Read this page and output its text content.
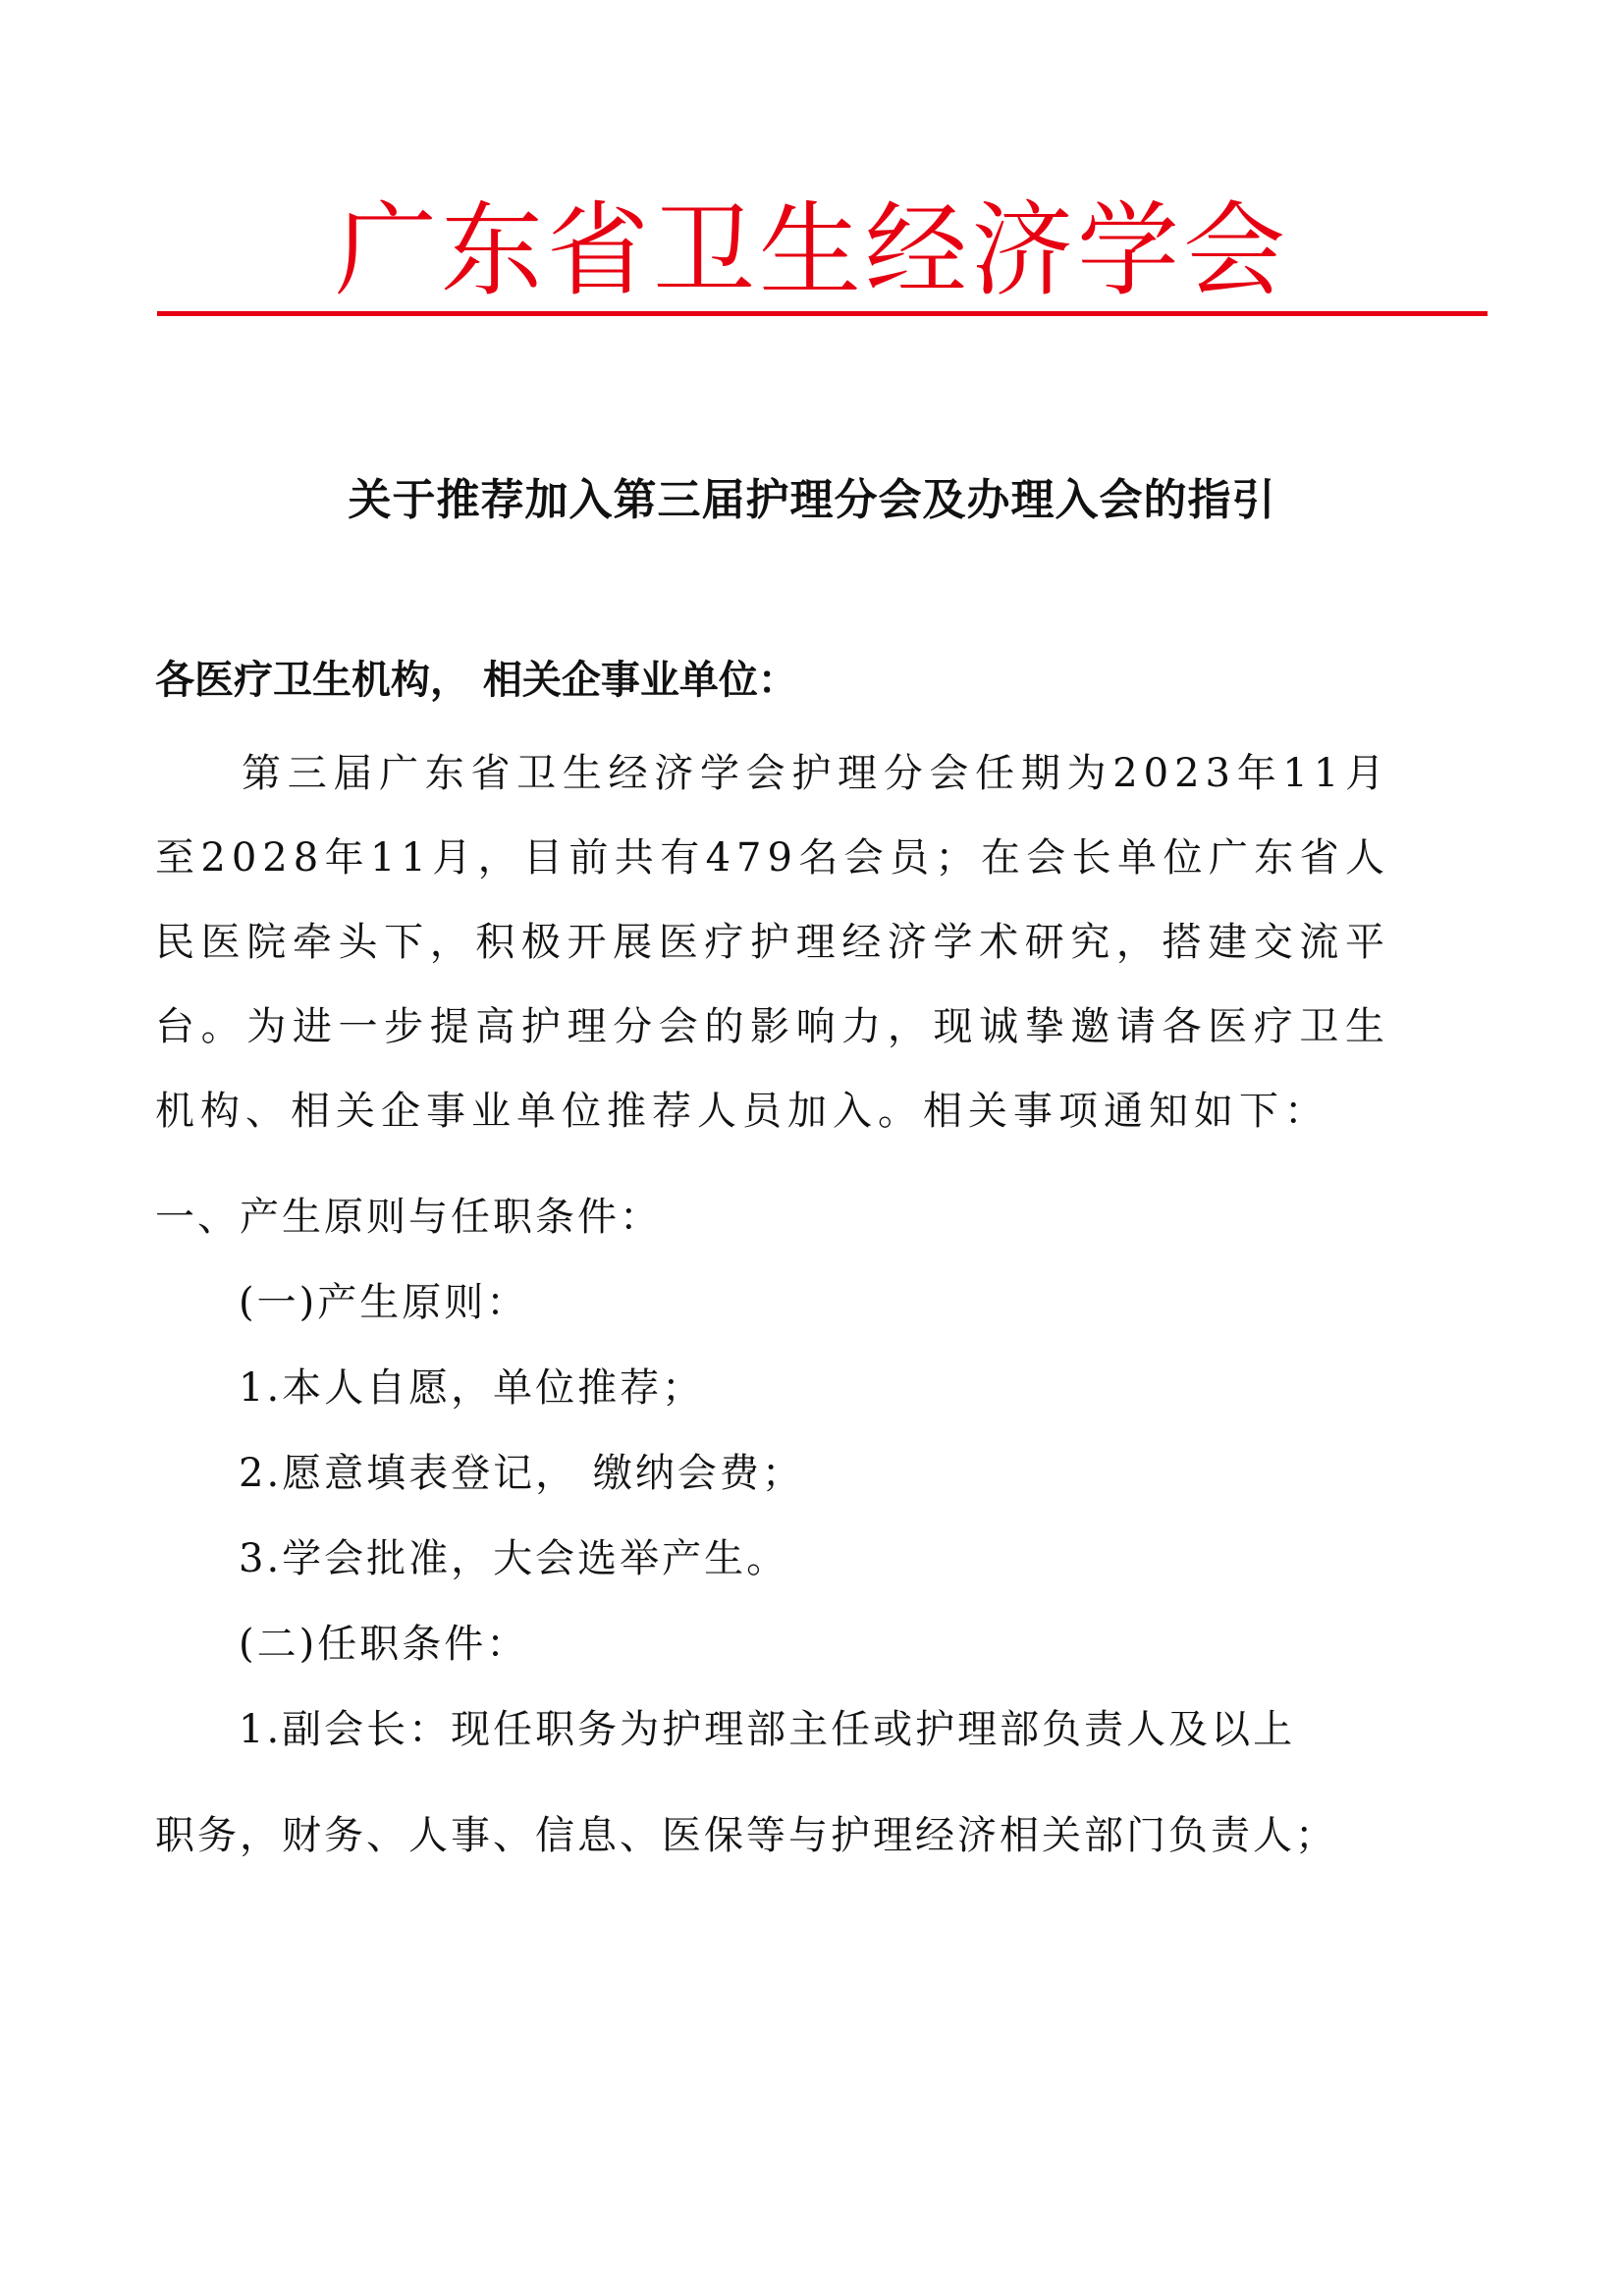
广东省卫生经济学会
关于推荐加入第三届护理分会及办理入会的指引
各医疗卫生机构， 相关企事业单位：

第三届广东省卫生经济学会护理分会任期为2023年11月至2028年11月，目前共有479名会员；在会长单位广东省人民医院牵头下，积极开展医疗护理经济学术研究，搭建交流平台。为进一步提高护理分会的影响力，现诚挚邀请各医疗卫生机构、相关企事业单位推荐人员加入。相关事项通知如下：

一、产生原则与任职条件：
(一)产生原则：
1.本人自愿，单位推荐；
2.愿意填表登记， 缴纳会费；
3.学会批准，大会选举产生。
(二)任职条件：
1.副会长：现任职务为护理部主任或护理部负责人及以上
职务，财务、人事、信息、医保等与护理经济相关部门负责人；
